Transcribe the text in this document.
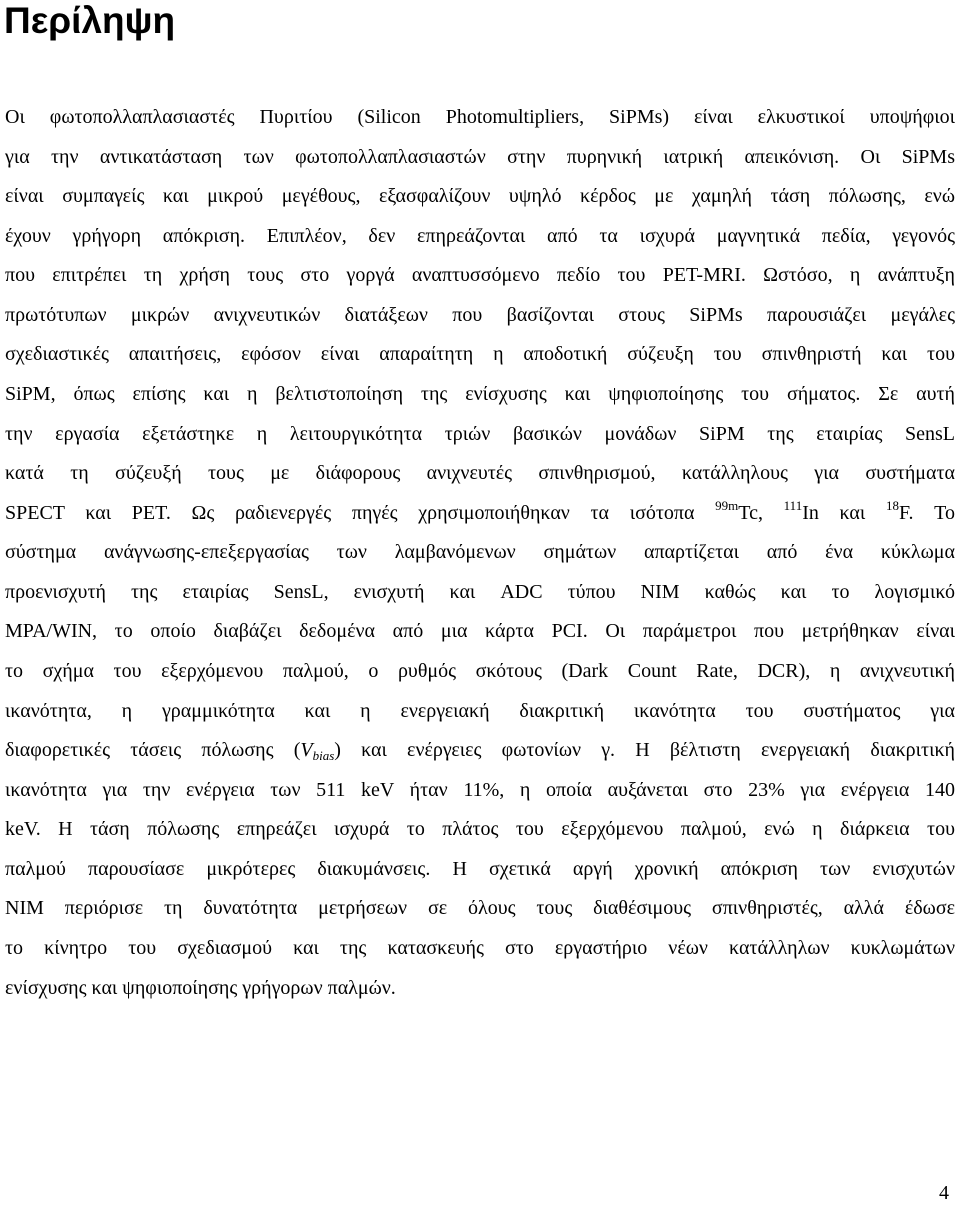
Περίληψη
Οι φωτοπολλαπλασιαστές Πυριτίου (Silicon Photomultipliers, SiPMs) είναι ελκυστικοί υποψήφιοι
για την αντικατάσταση των φωτοπολλαπλασιαστών στην πυρηνική ιατρική απεικόνιση. Οι SiPMs
είναι συμπαγείς και μικρού μεγέθους, εξασφαλίζουν υψηλό κέρδος με χαμηλή τάση πόλωσης, ενώ
έχουν γρήγορη απόκριση. Επιπλέον, δεν επηρεάζονται από τα ισχυρά μαγνητικά πεδία, γεγονός
που επιτρέπει τη χρήση τους στο γοργά αναπτυσσόμενο πεδίο του PET-MRI. Ωστόσο, η ανάπτυξη
πρωτότυπων μικρών ανιχνευτικών διατάξεων που βασίζονται στους SiPMs παρουσιάζει μεγάλες
σχεδιαστικές απαιτήσεις, εφόσον είναι απαραίτητη η αποδοτική σύζευξη του σπινθηριστή και του
SiPM, όπως επίσης και η βελτιστοποίηση της ενίσχυσης και ψηφιοποίησης του σήματος. Σε αυτή
την εργασία εξετάστηκε η λειτουργικότητα τριών βασικών μονάδων SiPM της εταιρίας SensL
κατά τη σύζευξή τους με διάφορους ανιχνευτές σπινθηρισμού, κατάλληλους για συστήματα
SPECT και PET. Ως ραδιενεργές πηγές χρησιμοποιήθηκαν τα ισότοπα $^{99m}$Tc, $^{111}$In και $^{18}$F. Το
σύστημα ανάγνωσης-επεξεργασίας των λαμβανόμενων σημάτων απαρτίζεται από ένα κύκλωμα
προενισχυτή της εταιρίας SensL, ενισχυτή και ADC τύπου NIM καθώς και το λογισμικό
MPA/WIN, το οποίο διαβάζει δεδομένα από μια κάρτα PCI. Οι παράμετροι που μετρήθηκαν είναι
το σχήμα του εξερχόμενου παλμού, ο ρυθμός σκότους (Dark Count Rate, DCR), η ανιχνευτική
ικανότητα, η γραμμικότητα και η ενεργειακή διακριτική ικανότητα του συστήματος για
διαφορετικές τάσεις πόλωσης $(V_{bias})$ και ενέργειες φωτονίων γ. Η βέλτιστη ενεργειακή διακριτική
ικανότητα για την ενέργεια των 511 keV ήταν 11%, η οποία αυξάνεται στο 23% για ενέργεια 140
keV. Η τάση πόλωσης επηρεάζει ισχυρά το πλάτος του εξερχόμενου παλμού, ενώ η διάρκεια του
παλμού παρουσίασε μικρότερες διακυμάνσεις. Η σχετικά αργή χρονική απόκριση των ενισχυτών
NIM περιόρισε τη δυνατότητα μετρήσεων σε όλους τους διαθέσιμους σπινθηριστές, αλλά έδωσε
το κίνητρο του σχεδιασμού και της κατασκευής στο εργαστήριο νέων κατάλληλων κυκλωμάτων
ενίσχυσης και ψηφιοποίησης γρήγορων παλμών.
4
